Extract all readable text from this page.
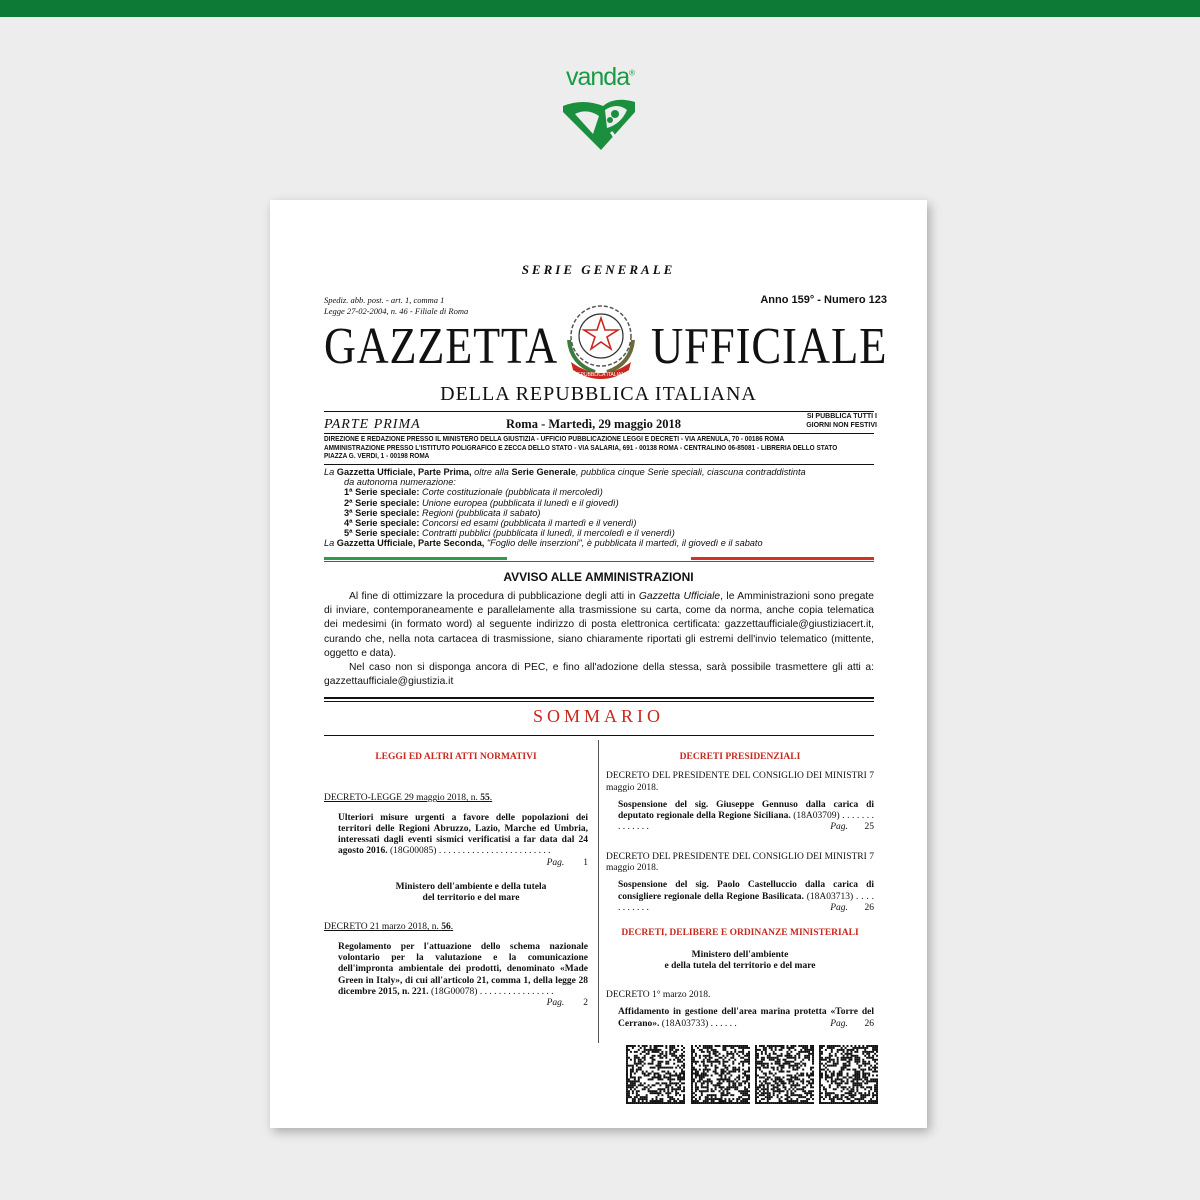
vanda®
SERIE GENERALE
Spediz. abb. post. - art. 1, comma 1
Legge 27-02-2004, n. 46 - Filiale di Roma
Anno 159° - Numero 123
GAZZETTA	REPUBBLICA ITALIANA UFFICIALE
DELLA REPUBBLICA ITALIANA
PARTE PRIMA	Roma - Martedì, 29 maggio 2018
SI PUBBLICA TUTTI I
GIORNI NON FESTIVI
DIREZIONE E REDAZIONE PRESSO IL MINISTERO DELLA GIUSTIZIA - UFFICIO PUBBLICAZIONE LEGGI E DECRETI - VIA ARENULA, 70 - 00186 ROMA
AMMINISTRAZIONE PRESSO L'ISTITUTO POLIGRAFICO E ZECCA DELLO STATO - VIA SALARIA, 691 - 00138 ROMA - CENTRALINO 06-85081 - LIBRERIA DELLO STATO
PIAZZA G. VERDI, 1 - 00198 ROMA
La Gazzetta Ufficiale, Parte Prima, oltre alla Serie Generale, pubblica cinque Serie speciali, ciascuna contraddistinta
da autonoma numerazione:
1ª Serie speciale: Corte costituzionale (pubblicata il mercoledì)
2ª Serie speciale: Unione europea (pubblicata il lunedì e il giovedì)
3ª Serie speciale: Regioni (pubblicata il sabato)
4ª Serie speciale: Concorsi ed esami (pubblicata il martedì e il venerdì)
5ª Serie speciale: Contratti pubblici (pubblicata il lunedì, il mercoledì e il venerdì)
La Gazzetta Ufficiale, Parte Seconda, "Foglio delle inserzioni", è pubblicata il martedì, il giovedì e il sabato
AVVISO ALLE AMMINISTRAZIONI

Al fine di ottimizzare la procedura di pubblicazione degli atti in Gazzetta Ufficiale, le Amministrazioni sono pregate di inviare, contemporaneamente e parallelamente alla trasmissione su carta, come da norma, anche copia telematica dei medesimi (in formato word) al seguente indirizzo di posta elettronica certificata: gazzettaufficiale@giustiziacert.it, curando che, nella nota cartacea di trasmissione, siano chiaramente riportati gli estremi dell'invio telematico (mittente, oggetto e data).

Nel caso non si disponga ancora di PEC, e fino all'adozione della stessa, sarà possibile trasmettere gli atti a: gazzettaufficiale@giustizia.it

SOMMARIO
LEGGI ED ALTRI ATTI NORMATIVI
DECRETO-LEGGE 29 maggio 2018, n. 55.
Ulteriori misure urgenti a favore delle popolazioni dei territori delle Regioni Abruzzo, Lazio, Marche ed Umbria, interessati dagli eventi sismici verificatisi a far data dal 24 agosto 2016. (18G00085) . . . . . . . . . . . . . . . . . . . . . . . .
Pag. 1
Ministero dell'ambiente e della tutela
del territorio e del mare
DECRETO 21 marzo 2018, n. 56.
Regolamento per l'attuazione dello schema nazionale volontario per la valutazione e la comunicazione dell'impronta ambientale dei prodotti, denominato «Made Green in Italy», di cui all'articolo 21, comma 1, della legge 28 dicembre 2015, n. 221. (18G00078) . . . . . . . . . . . . . . . .
Pag. 2
DECRETI PRESIDENZIALI
DECRETO DEL PRESIDENTE DEL CONSIGLIO DEI MINISTRI 7 maggio 2018.
Sospensione del sig. Giuseppe Gennuso dalla carica di deputato regionale della Regione Siciliana. (18A03709) . . . . . . . . . . . . . .	Pag. 25
DECRETO DEL PRESIDENTE DEL CONSIGLIO DEI MINISTRI 7 maggio 2018.
Sospensione del sig. Paolo Castelluccio dalla carica di consigliere regionale della Regione Basilicata. (18A03713) . . . . . . . . . . .	Pag. 26
DECRETI, DELIBERE E ORDINANZE MINISTERIALI
Ministero dell'ambiente
e della tutela del territorio e del mare
DECRETO 1° marzo 2018.
Affidamento in gestione dell'area marina protetta «Torre del Cerrano». (18A03733) . . . . . .	Pag. 26
